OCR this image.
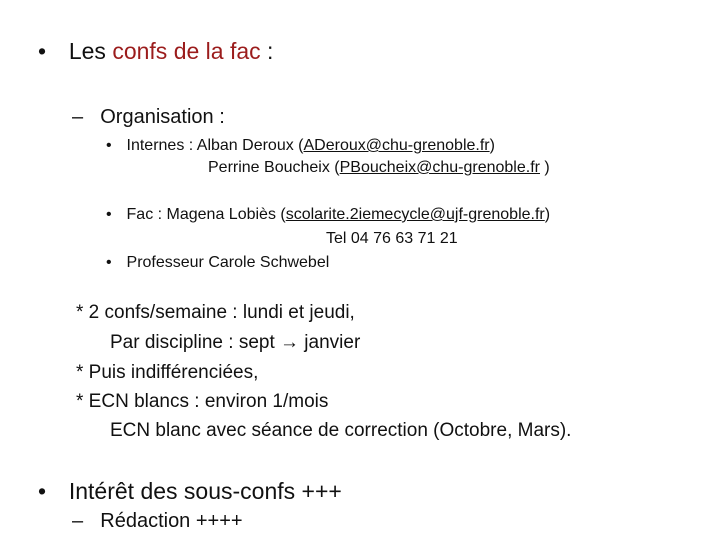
• Les confs de la fac :
– Organisation :
• Internes : Alban Deroux (ADeroux@chu-grenoble.fr)
Perrine Boucheix (PBoucheix@chu-grenoble.fr )
• Fac : Magena Lobiès (scolarite.2iemecycle@ujf-grenoble.fr)
Tel 04 76 63 71 21
• Professeur Carole Schwebel
* 2 confs/semaine : lundi et jeudi,
Par discipline : sept → janvier
* Puis indifférenciées,
* ECN blancs : environ 1/mois
ECN blanc avec séance de correction (Octobre, Mars).
• Intérêt des sous-confs +++
– Rédaction ++++
